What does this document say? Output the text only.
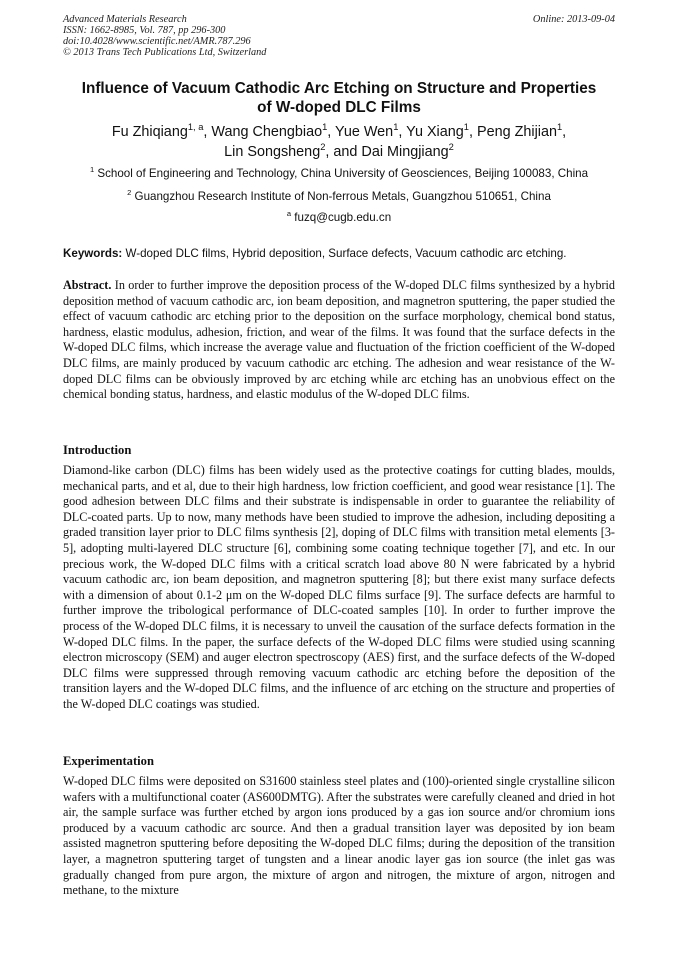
Advanced Materials Research
ISSN: 1662-8985, Vol. 787, pp 296-300
doi:10.4028/www.scientific.net/AMR.787.296
© 2013 Trans Tech Publications Ltd, Switzerland
Online: 2013-09-04
Influence of Vacuum Cathodic Arc Etching on Structure and Properties
of W-doped DLC Films
Fu Zhiqiang$^{1, a}$, Wang Chengbiao$^1$, Yue Wen$^1$, Yu Xiang$^1$, Peng Zhijian$^1$,
Lin Songsheng$^2$, and Dai Mingjiang$^2$
$^1$ School of Engineering and Technology, China University of Geosciences, Beijing 100083, China
$^2$ Guangzhou Research Institute of Non-ferrous Metals, Guangzhou 510651, China
$^a$ fuzq@cugb.edu.cn
Keywords: W-doped DLC films, Hybrid deposition, Surface defects, Vacuum cathodic arc etching.
Abstract. In order to further improve the deposition process of the W-doped DLC films synthesized by a hybrid deposition method of vacuum cathodic arc, ion beam deposition, and magnetron sputtering, the paper studied the effect of vacuum cathodic arc etching prior to the deposition on the surface morphology, chemical bond status, hardness, elastic modulus, adhesion, friction, and wear of the films. It was found that the surface defects in the W-doped DLC films, which increase the average value and fluctuation of the friction coefficient of the W-doped DLC films, are mainly produced by vacuum cathodic arc etching. The adhesion and wear resistance of the W-doped DLC films can be obviously improved by arc etching while arc etching has an unobvious effect on the chemical bonding status, hardness, and elastic modulus of the W-doped DLC films.
Introduction
Diamond-like carbon (DLC) films has been widely used as the protective coatings for cutting blades, moulds, mechanical parts, and et al, due to their high hardness, low friction coefficient, and good wear resistance [1]. The good adhesion between DLC films and their substrate is indispensable in order to guarantee the reliability of DLC-coated parts. Up to now, many methods have been studied to improve the adhesion, including depositing a graded transition layer prior to DLC films synthesis [2], doping of DLC films with transition metal elements [3-5], adopting multi-layered DLC structure [6], combining some coating technique together [7], and etc. In our precious work, the W-doped DLC films with a critical scratch load above 80 N were fabricated by a hybrid vacuum cathodic arc, ion beam deposition, and magnetron sputtering [8]; but there exist many surface defects with a dimension of about 0.1-2 μm on the W-doped DLC films surface [9]. The surface defects are harmful to further improve the tribological performance of DLC-coated samples [10]. In order to further improve the process of the W-doped DLC films, it is necessary to unveil the causation of the surface defects formation in the W-doped DLC films. In the paper, the surface defects of the W-doped DLC films were studied using scanning electron microscopy (SEM) and auger electron spectroscopy (AES) first, and the surface defects of the W-doped DLC films were suppressed through removing vacuum cathodic arc etching before the deposition of the transition layers and the W-doped DLC films, and the influence of arc etching on the structure and properties of the W-doped DLC coatings was studied.
Experimentation
W-doped DLC films were deposited on S31600 stainless steel plates and (100)-oriented single crystalline silicon wafers with a multifunctional coater (AS600DMTG). After the substrates were carefully cleaned and dried in hot air, the sample surface was further etched by argon ions produced by a gas ion source and/or chromium ions produced by a vacuum cathodic arc source. And then a gradual transition layer was deposited by ion beam assisted magnetron sputtering before depositing the W-doped DLC films; during the deposition of the transition layer, a magnetron sputtering target of tungsten and a linear anodic layer gas ion source (the inlet gas was gradually changed from pure argon, the mixture of argon and nitrogen, the mixture of argon, nitrogen and methane, to the mixture
